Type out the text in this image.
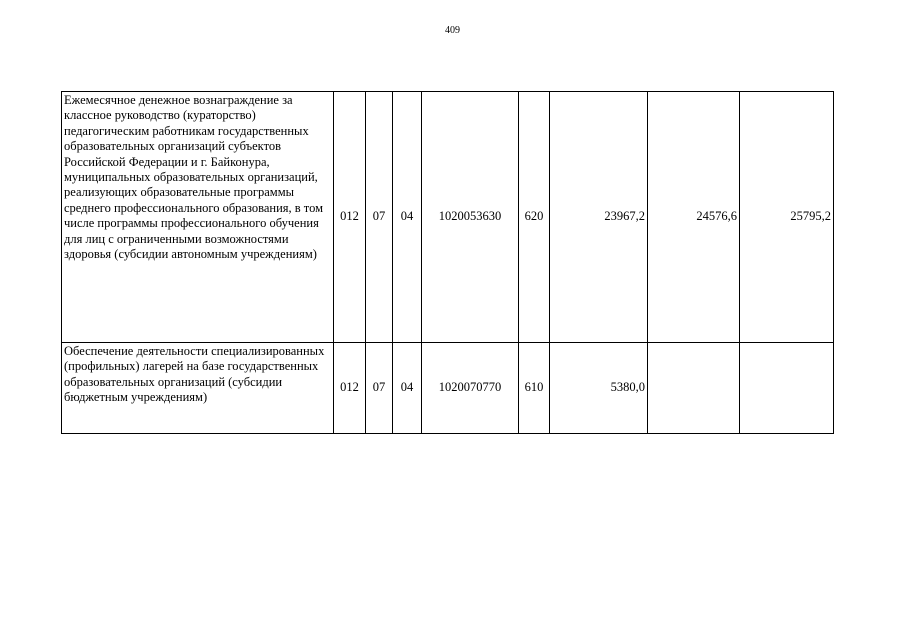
409
Ежемесячное денежное вознаграждение за классное руководство (кураторство) педагогическим работникам государственных образовательных организаций субъектов Российской Федерации и г. Байконура, муниципальных образовательных организаций, реализующих образовательные программы среднего профессионального образования, в том числе программы профессионального обучения для лиц с ограниченными возможностями здоровья (субсидии автономным учреждениям)	012	07	04	1020053630	620	23967,2	24576,6	25795,2
Обеспечение деятельности специализированных (профильных) лагерей на базе государственных образовательных организаций (субсидии бюджетным учреждениям)	012	07	04	1020070770	610	5380,0		
